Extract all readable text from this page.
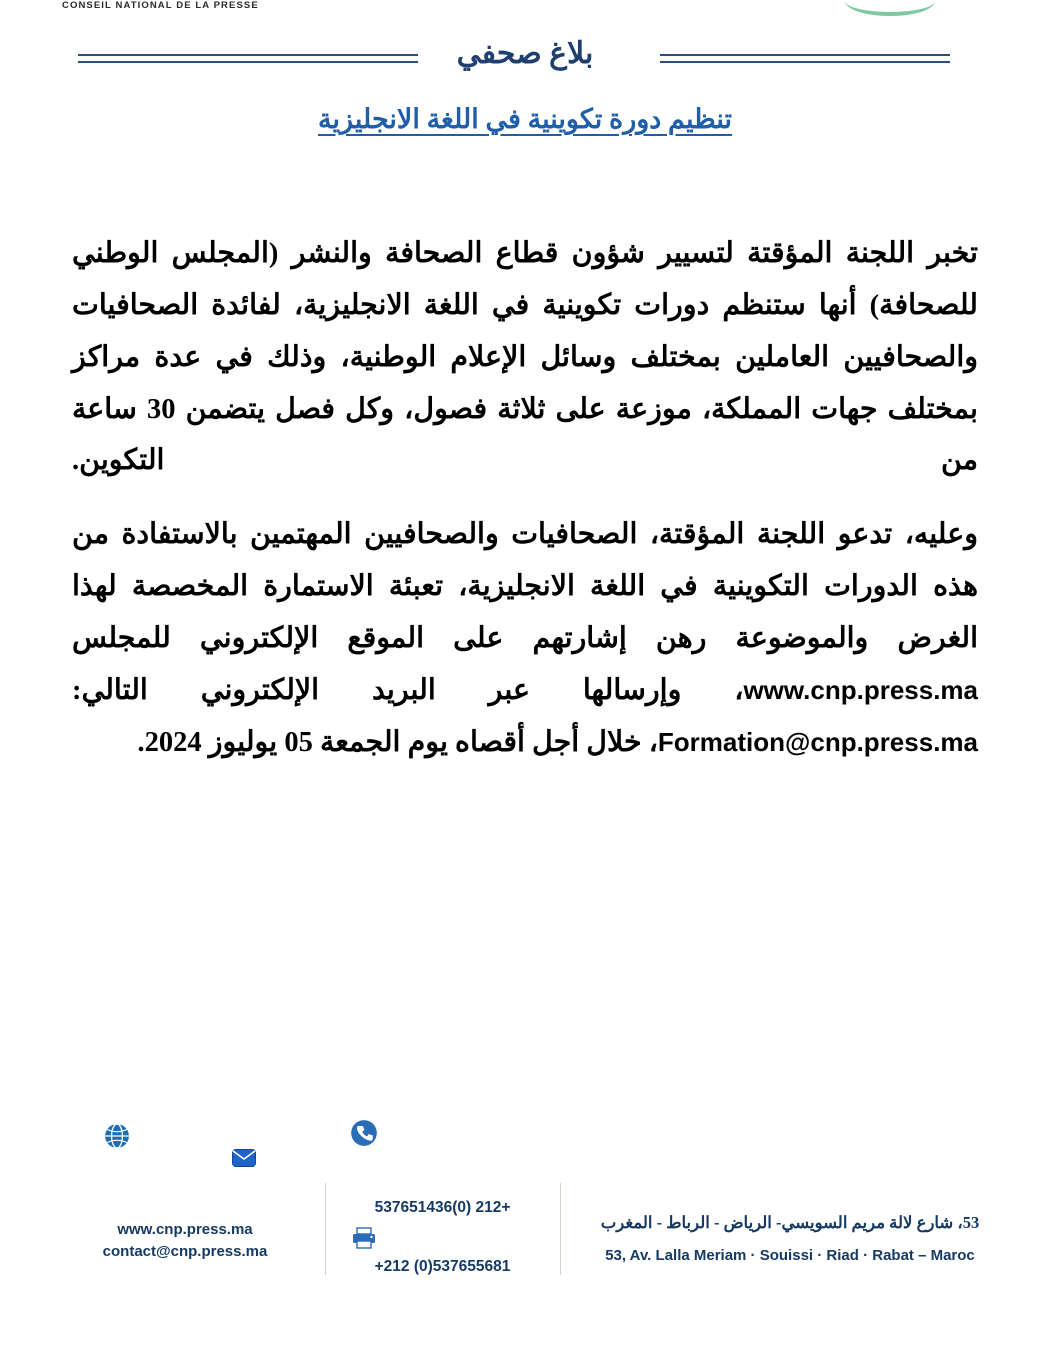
CONSEIL NATIONAL DE LA PRESSE
بلاغ صحفي
تنظيم دورة تكوينية في اللغة الانجليزية

تخبر اللجنة المؤقتة لتسيير شؤون قطاع الصحافة والنشر (المجلس الوطني للصحافة) أنها ستنظم دورات تكوينية في اللغة الانجليزية، لفائدة الصحافيات والصحافيين العاملين بمختلف وسائل الإعلام الوطنية، وذلك في عدة مراكز بمختلف جهات المملكة، موزعة على ثلاثة فصول، وكل فصل يتضمن 30 ساعة من التكوين.

وعليه، تدعو اللجنة المؤقتة، الصحافيات والصحافيين المهتمين بالاستفادة من هذه الدورات التكوينية في اللغة الانجليزية، تعبئة الاستمارة المخصصة لهذا الغرض والموضوعة رهن إشارتهم على الموقع الإلكتروني للمجلس www.cnp.press.ma، وإرسالها عبر البريد الإلكتروني التالي: Formation@cnp.press.ma، خلال أجل أقصاه يوم الجمعة 05 يوليوز 2024.

www.cnp.press.ma
contact@cnp.press.ma
537651436(0) 212+
+212 (0)537655681
53، شارع لالة مريم السويسي- الرياض - الرباط - المغرب
53, Av. Lalla Meriam · Souissi · Riad · Rabat – Maroc
